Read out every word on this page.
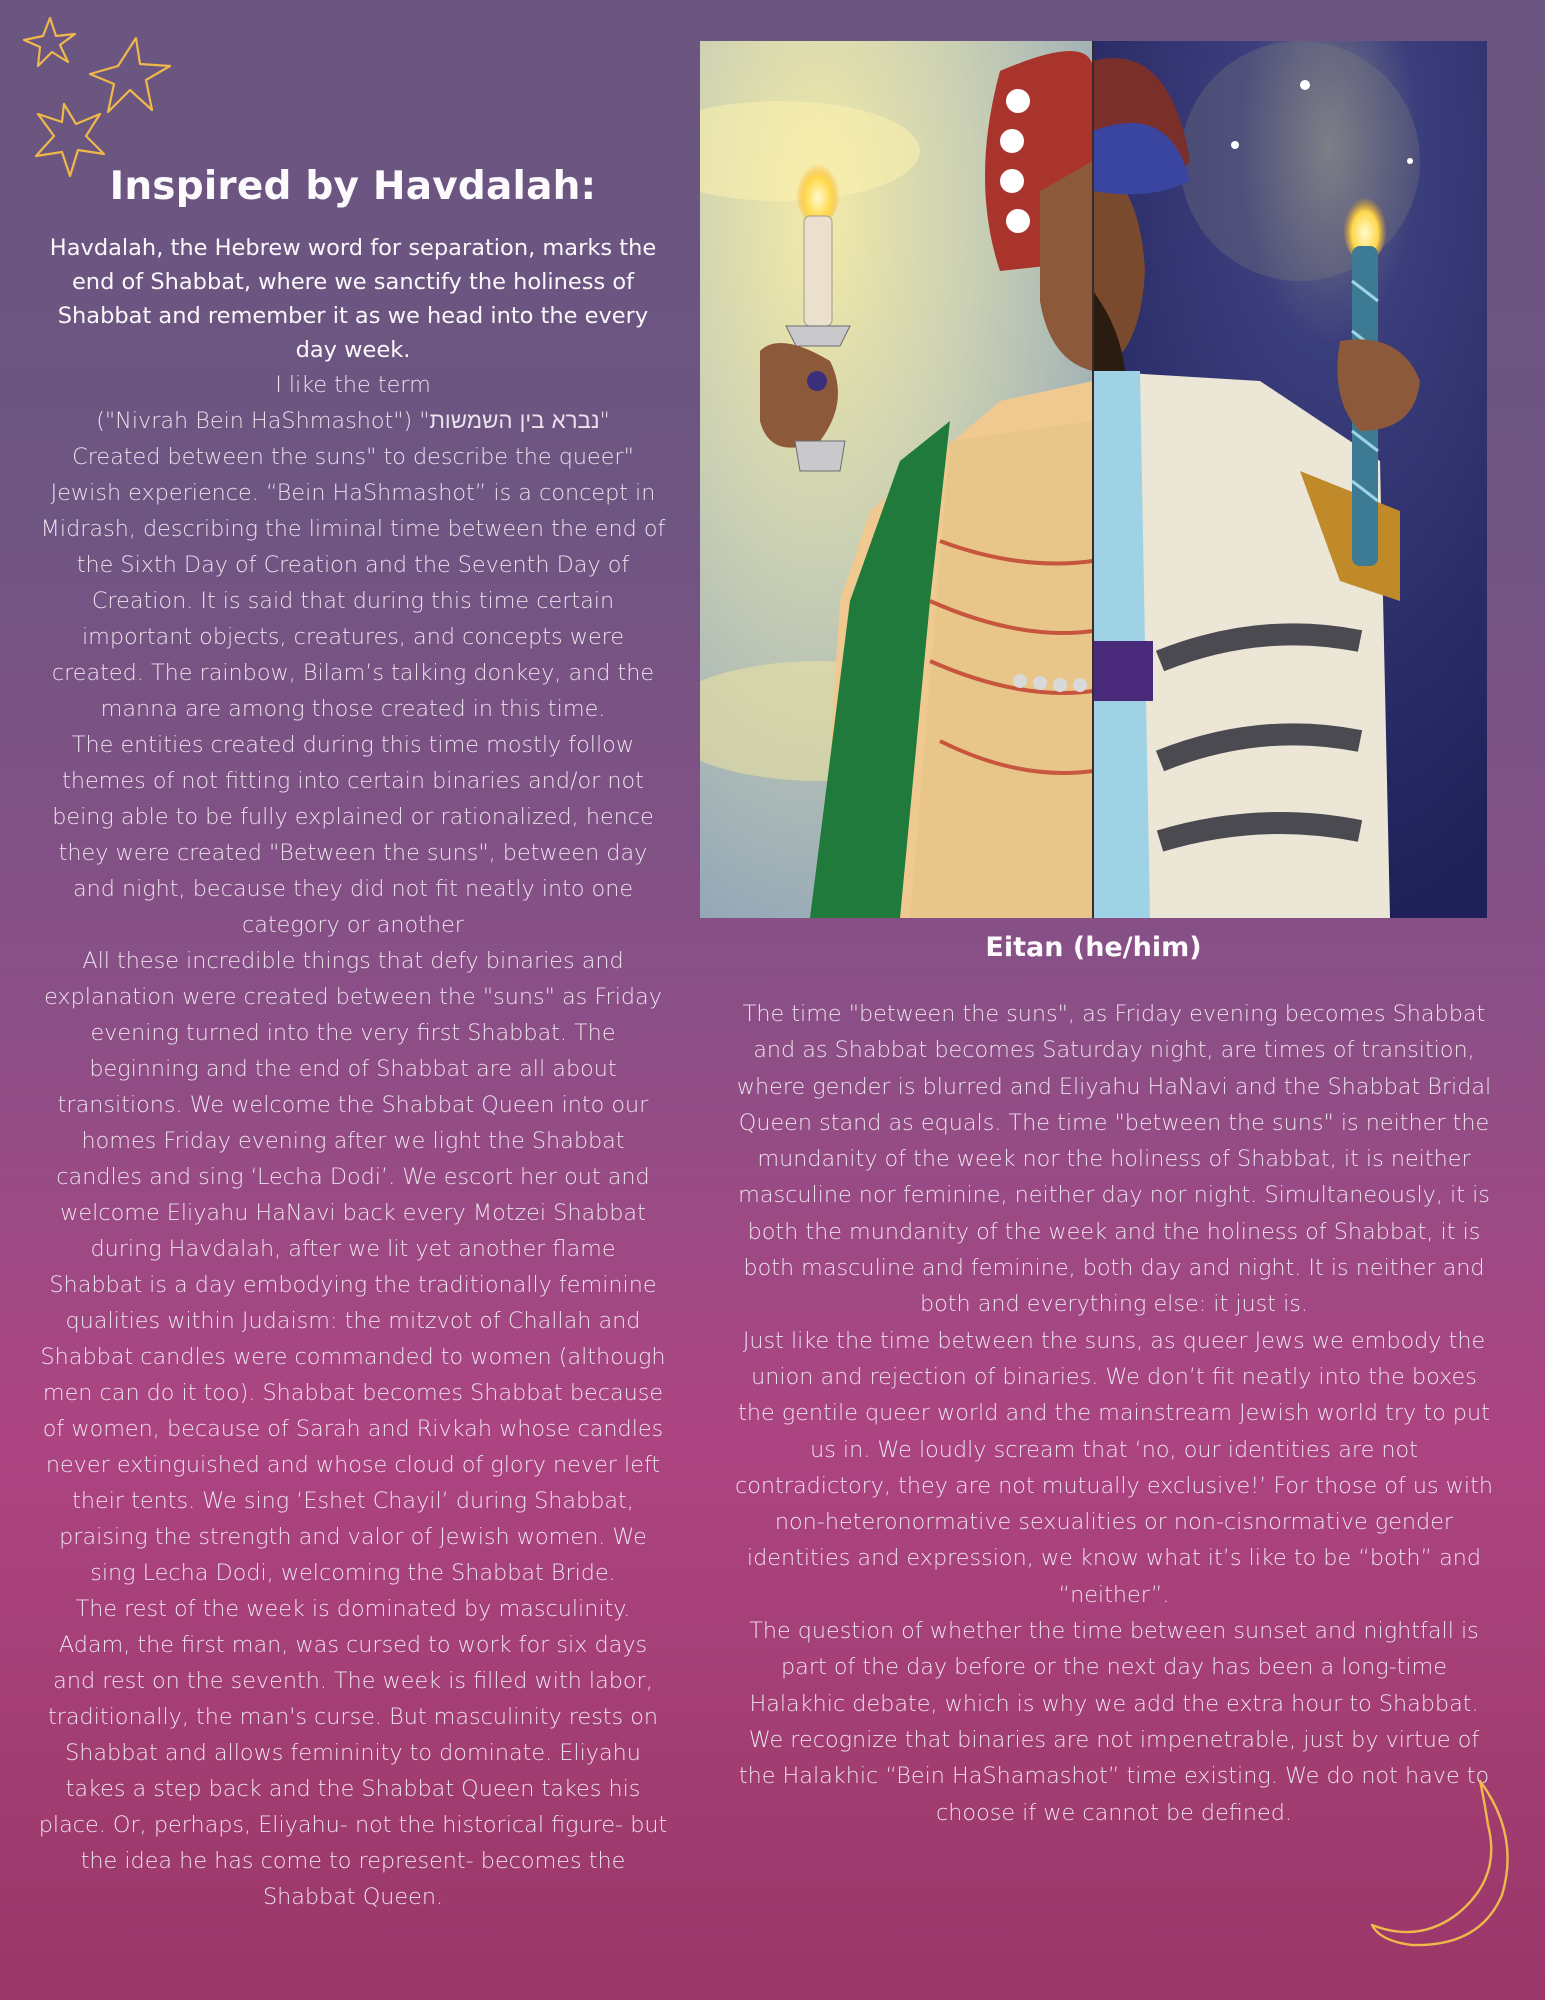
Inspired by Havdalah:

Havdalah, the Hebrew word for separation, marks the end of Shabbat, where we sanctify the holiness of Shabbat and remember it as we head into the every day week.

I like the term

("Nivrah Bein HaShmashot") "נברא בין השמשות"

Created between the suns" to describe the queer" Jewish experience. “Bein HaShmashot” is a concept in Midrash, describing the liminal time between the end of the Sixth Day of Creation and the Seventh Day of Creation. It is said that during this time certain important objects, creatures, and concepts were created. The rainbow, Bilam’s talking donkey, and the manna are among those created in this time.

The entities created during this time mostly follow themes of not fitting into certain binaries and/or not being able to be fully explained or rationalized, hence they were created "Between the suns", between day and night, because they did not fit neatly into one category or another

All these incredible things that defy binaries and explanation were created between the "suns" as Friday evening turned into the very first Shabbat. The beginning and the end of Shabbat are all about transitions. We welcome the Shabbat Queen into our homes Friday evening after we light the Shabbat candles and sing ‘Lecha Dodi’. We escort her out and welcome Eliyahu HaNavi back every Motzei Shabbat during Havdalah, after we lit yet another flame

Shabbat is a day embodying the traditionally feminine qualities within Judaism: the mitzvot of Challah and Shabbat candles were commanded to women (although men can do it too). Shabbat becomes Shabbat because of women, because of Sarah and Rivkah whose candles never extinguished and whose cloud of glory never left their tents. We sing ‘Eshet Chayil’ during Shabbat, praising the strength and valor of Jewish women. We sing Lecha Dodi, welcoming the Shabbat Bride.

The rest of the week is dominated by masculinity. Adam, the first man, was cursed to work for six days and rest on the seventh. The week is filled with labor, traditionally, the man's curse. But masculinity rests on Shabbat and allows femininity to dominate. Eliyahu takes a step back and the Shabbat Queen takes his place. Or, perhaps, Eliyahu- not the historical figure- but the idea he has come to represent- becomes the Shabbat Queen.

Eitan (he/him)

The time "between the suns", as Friday evening becomes Shabbat and as Shabbat becomes Saturday night, are times of transition, where gender is blurred and Eliyahu HaNavi and the Shabbat Bridal Queen stand as equals. The time "between the suns" is neither the mundanity of the week nor the holiness of Shabbat, it is neither masculine nor feminine, neither day nor night. Simultaneously, it is both the mundanity of the week and the holiness of Shabbat, it is both masculine and feminine, both day and night. It is neither and both and everything else: it just is.

Just like the time between the suns, as queer Jews we embody the union and rejection of binaries. We don’t fit neatly into the boxes the gentile queer world and the mainstream Jewish world try to put us in. We loudly scream that ‘no, our identities are not contradictory, they are not mutually exclusive!’ For those of us with non-heteronormative sexualities or non-cisnormative gender identities and expression, we know what it’s like to be “both” and “neither”.

The question of whether the time between sunset and nightfall is part of the day before or the next day has been a long-time Halakhic debate, which is why we add the extra hour to Shabbat. We recognize that binaries are not impenetrable, just by virtue of the Halakhic “Bein HaShamashot” time existing. We do not have to choose if we cannot be defined.
